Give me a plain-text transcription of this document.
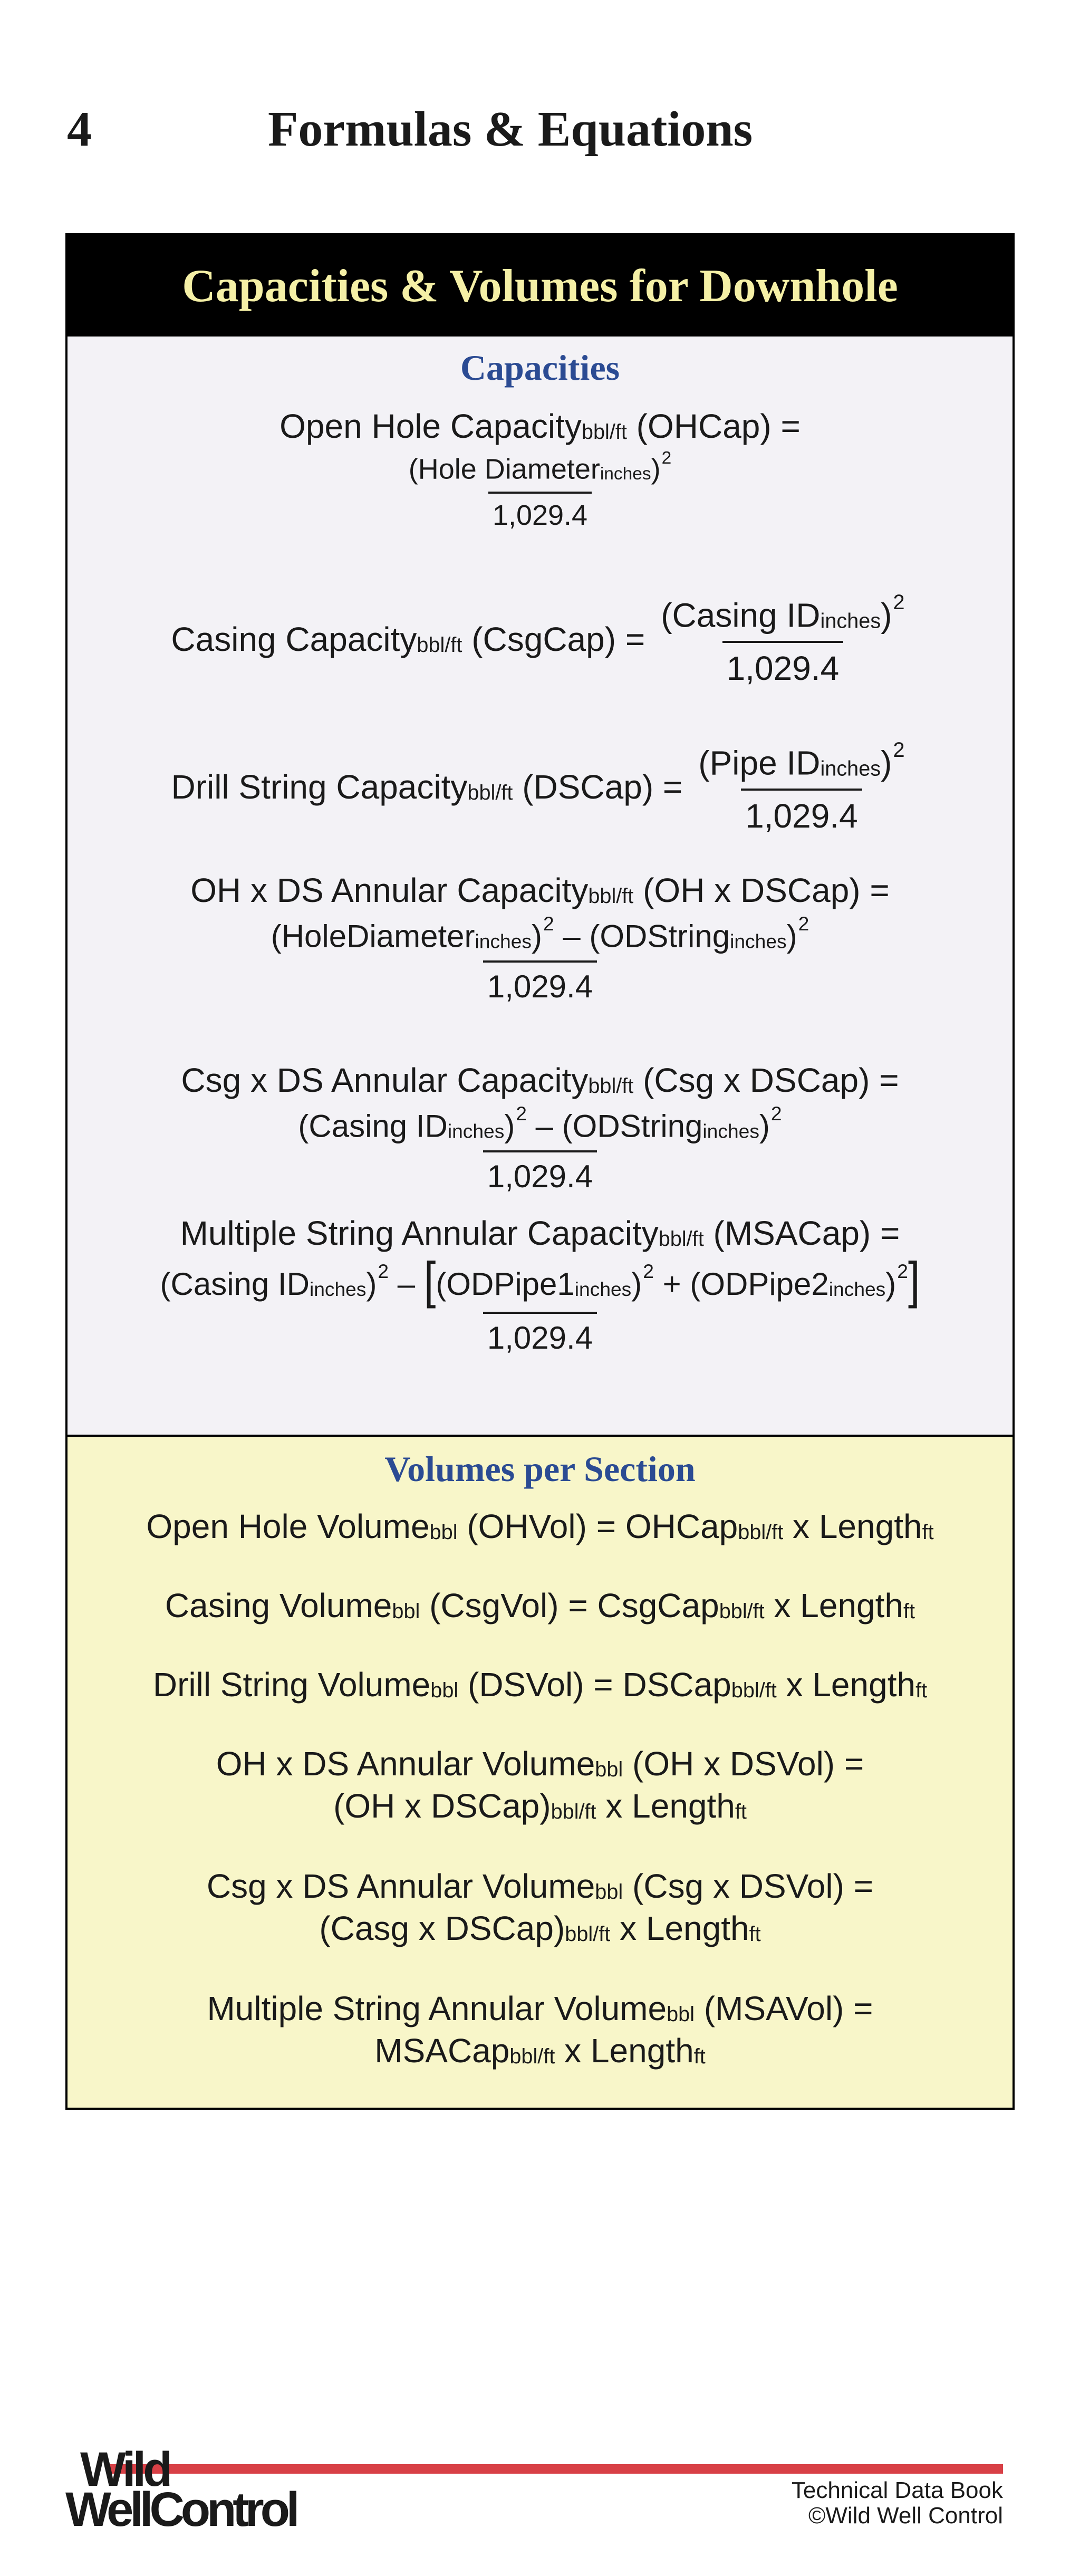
4	Formulas & Equations
Capacities & Volumes for Downhole
Capacities
Open Hole Capacity$_{bbl/ft}$ (OHCap) =
$\frac{(Hole Diameter_{inches})^2}{1,029.4}$
Casing Capacity$_{bbl/ft}$ (CsgCap) = $\frac{(Casing ID_{inches})^2}{1,029.4}$
Drill String Capacity$_{bbl/ft}$ (DSCap) = $\frac{(Pipe ID_{inches})^2}{1,029.4}$
OH x DS Annular Capacity$_{bbl/ft}$ (OH x DSCap) =
$\frac{(HoleDiameter_{inches})^2 - (ODString_{inches})^2}{1,029.4}$
Csg x DS Annular Capacity$_{bbl/ft}$ (Csg x DSCap) =
$\frac{(Casing ID_{inches})^2 - (ODString_{inches})^2}{1,029.4}$
Multiple String Annular Capacity$_{bbl/ft}$ (MSACap) =
$\frac{(Casing ID_{inches})^2 - [(ODPipe1_{inches})^2 + (ODPipe2_{inches})^2]}{1,029.4}$
Volumes per Section
Open Hole Volume$_{bbl}$ (OHVol) = OHCap$_{bbl/ft}$ x Length$_{ft}$
Casing Volume$_{bbl}$ (CsgVol) = CsgCap$_{bbl/ft}$ x Length$_{ft}$
Drill String Volume$_{bbl}$ (DSVol) = DSCap$_{bbl/ft}$ x Length$_{ft}$
OH x DS Annular Volume$_{bbl}$ (OH x DSVol) =
(OH x $DSCap)_{bbl/ft}$ x Length$_{ft}$
Csg x DS Annular Volume$_{bbl}$ (Csg x DSVol) =
(Casg x $DSCap)_{bbl/ft}$ x Length$_{ft}$
Multiple String Annular Volume$_{bbl}$ (MSAVol) =
MSACap$_{bbl/ft}$ x Length$_{ft}$
Wild
WellControl	Technical Data Book
©Wild Well Control
